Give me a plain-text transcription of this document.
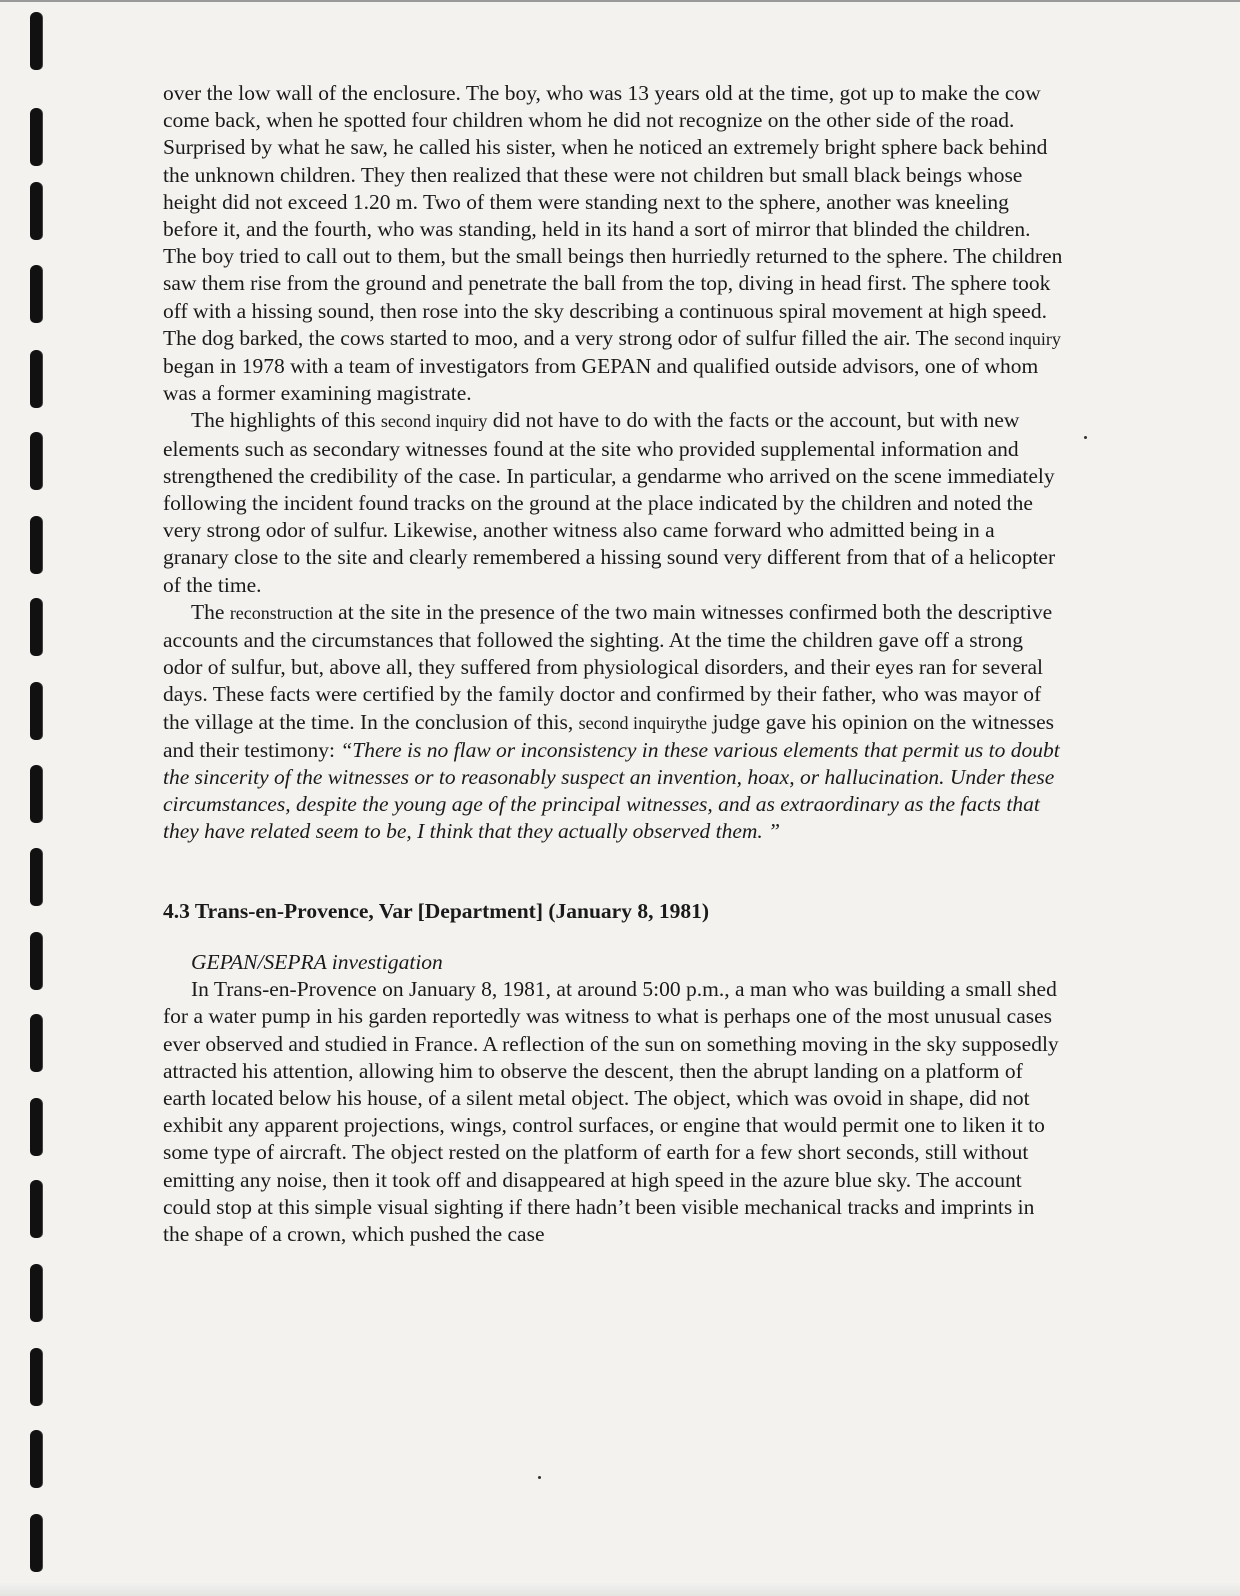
over the low wall of the enclosure. The boy, who was 13 years old at the time, got up to make the cow come back, when he spotted four children whom he did not recognize on the other side of the road.

Surprised by what he saw, he called his sister, when he noticed an extremely bright sphere back behind the unknown children. They then realized that these were not children but small black beings whose height did not exceed 1.20 m. Two of them were standing next to the sphere, another was kneeling before it, and the fourth, who was standing, held in its hand a sort of mirror that blinded the children. The boy tried to call out to them, but the small beings then hurriedly returned to the sphere. The children saw them rise from the ground and penetrate the ball from the top, diving in head first. The sphere took off with a hissing sound, then rose into the sky describing a continuous spiral movement at high speed. The dog barked, the cows started to moo, and a very strong odor of sulfur filled the air. The second inquiry began in 1978 with a team of investigators from GEPAN and qualified outside advisors, one of whom was a former examining magistrate.

The highlights of this second inquiry did not have to do with the facts or the account, but with new elements such as secondary witnesses found at the site who provided supplemental information and strengthened the credibility of the case. In particular, a gendarme who arrived on the scene immediately following the incident found tracks on the ground at the place indicated by the children and noted the very strong odor of sulfur. Likewise, another witness also came forward who admitted being in a granary close to the site and clearly remembered a hissing sound very different from that of a helicopter of the time.

The reconstruction at the site in the presence of the two main witnesses confirmed both the descriptive accounts and the circumstances that followed the sighting. At the time the children gave off a strong odor of sulfur, but, above all, they suffered from physiological disorders, and their eyes ran for several days. These facts were certified by the family doctor and confirmed by their father, who was mayor of the village at the time. In the conclusion of this, second inquirythe judge gave his opinion on the witnesses and their testimony: “There is no flaw or inconsistency in these various elements that permit us to doubt the sincerity of the witnesses or to reasonably suspect an invention, hoax, or hallucination. Under these circumstances, despite the young age of the principal witnesses, and as extraordinary as the facts that they have related seem to be, I think that they actually observed them. ”

4.3 Trans-en-Provence, Var [Department] (January 8, 1981)

GEPAN/SEPRA investigation

In Trans-en-Provence on January 8, 1981, at around 5:00 p.m., a man who was building a small shed for a water pump in his garden reportedly was witness to what is perhaps one of the most unusual cases ever observed and studied in France. A reflection of the sun on something moving in the sky supposedly attracted his attention, allowing him to observe the descent, then the abrupt landing on a platform of earth located below his house, of a silent metal object. The object, which was ovoid in shape, did not exhibit any apparent projections, wings, control surfaces, or engine that would permit one to liken it to some type of aircraft. The object rested on the platform of earth for a few short seconds, still without emitting any noise, then it took off and disappeared at high speed in the azure blue sky. The account could stop at this simple visual sighting if there hadn’t been visible mechanical tracks and imprints in the shape of a crown, which pushed the case
